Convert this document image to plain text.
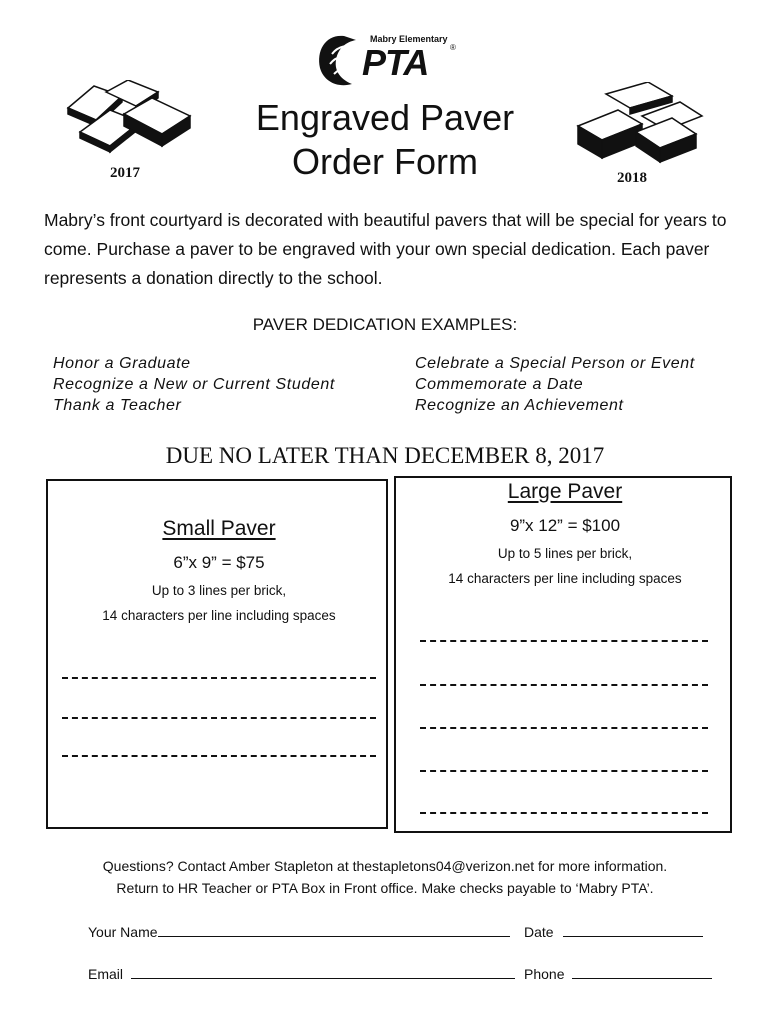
Mabry Elementary
PTA	®
2017	2018
Engraved Paver
Order Form
Mabry’s front courtyard is decorated with beautiful pavers that will be special for years to come. Purchase a paver to be engraved with your own special dedication. Each paver represents a donation directly to the school.
PAVER DEDICATION EXAMPLES:
Honor a Graduate
Recognize a New or Current Student
Thank a Teacher
Celebrate a Special Person or Event
Commemorate a Date
Recognize an Achievement
DUE NO LATER THAN DECEMBER 8, 2017
Small Paver
6”x 9” = $75
Up to 3 lines per brick,
14 characters per line including spaces
Large Paver
9”x 12” = $100
Up to 5 lines per brick,
14 characters per line including spaces
Questions? Contact Amber Stapleton at thestapletons04@verizon.net for more information.
Return to HR Teacher or PTA Box in Front office. Make checks payable to ‘Mabry PTA’.
Your Name	Date
Email	Phone
